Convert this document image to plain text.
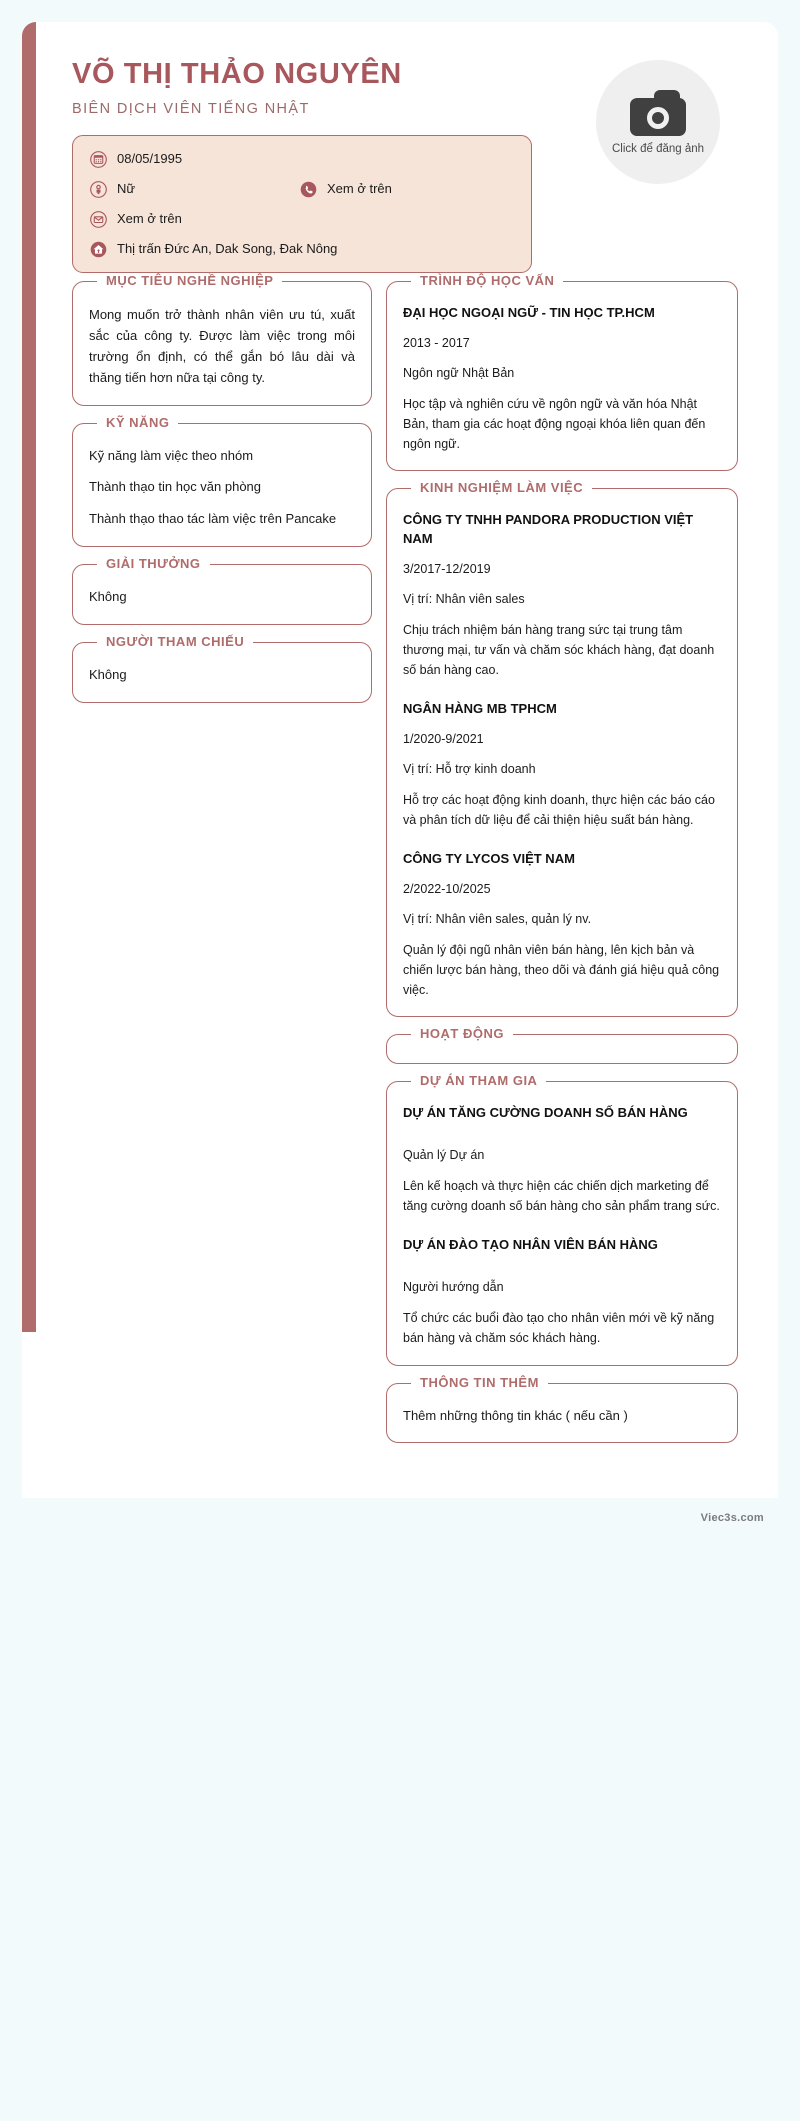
VÕ THỊ THẢO NGUYÊN
BIÊN DỊCH VIÊN TIẾNG NHẬT
Click để đăng ảnh
08/05/1995
Nữ	Xem ở trên
Xem ở trên
Thị trấn Đức An, Dak Song, Đak Nông
MỤC TIÊU NGHỀ NGHIỆP
Mong muốn trở thành nhân viên ưu tú, xuất sắc của công ty. Được làm việc trong môi trường ổn định, có thể gắn bó lâu dài và thăng tiến hơn nữa tại công ty.
KỸ NĂNG
Kỹ năng làm việc theo nhóm
Thành thạo tin học văn phòng
Thành thạo thao tác làm việc trên Pancake
GIẢI THƯỞNG
Không
NGƯỜI THAM CHIẾU
Không
TRÌNH ĐỘ HỌC VẤN
ĐẠI HỌC NGOẠI NGỮ - TIN HỌC TP.HCM
2013 - 2017
Ngôn ngữ Nhật Bản
Học tập và nghiên cứu về ngôn ngữ và văn hóa Nhật Bản, tham gia các hoạt động ngoại khóa liên quan đến ngôn ngữ.
KINH NGHIỆM LÀM VIỆC
CÔNG TY TNHH PANDORA PRODUCTION VIỆT NAM
3/2017-12/2019
Vị trí: Nhân viên sales
Chịu trách nhiệm bán hàng trang sức tại trung tâm thương mại, tư vấn và chăm sóc khách hàng, đạt doanh số bán hàng cao.
NGÂN HÀNG MB TPHCM
1/2020-9/2021
Vị trí: Hỗ trợ kinh doanh
Hỗ trợ các hoạt động kinh doanh, thực hiện các báo cáo và phân tích dữ liệu để cải thiện hiệu suất bán hàng.
CÔNG TY LYCOS VIỆT NAM
2/2022-10/2025
Vị trí: Nhân viên sales, quản lý nv.
Quản lý đội ngũ nhân viên bán hàng, lên kịch bản và chiến lược bán hàng, theo dõi và đánh giá hiệu quả công việc.
HOẠT ĐỘNG
DỰ ÁN THAM GIA
DỰ ÁN TĂNG CƯỜNG DOANH SỐ BÁN HÀNG
Quản lý Dự án
Lên kế hoạch và thực hiện các chiến dịch marketing để tăng cường doanh số bán hàng cho sản phẩm trang sức.
DỰ ÁN ĐÀO TẠO NHÂN VIÊN BÁN HÀNG
Người hướng dẫn
Tổ chức các buổi đào tạo cho nhân viên mới về kỹ năng bán hàng và chăm sóc khách hàng.
THÔNG TIN THÊM
Thêm những thông tin khác ( nếu cần )
Viec3s.com
